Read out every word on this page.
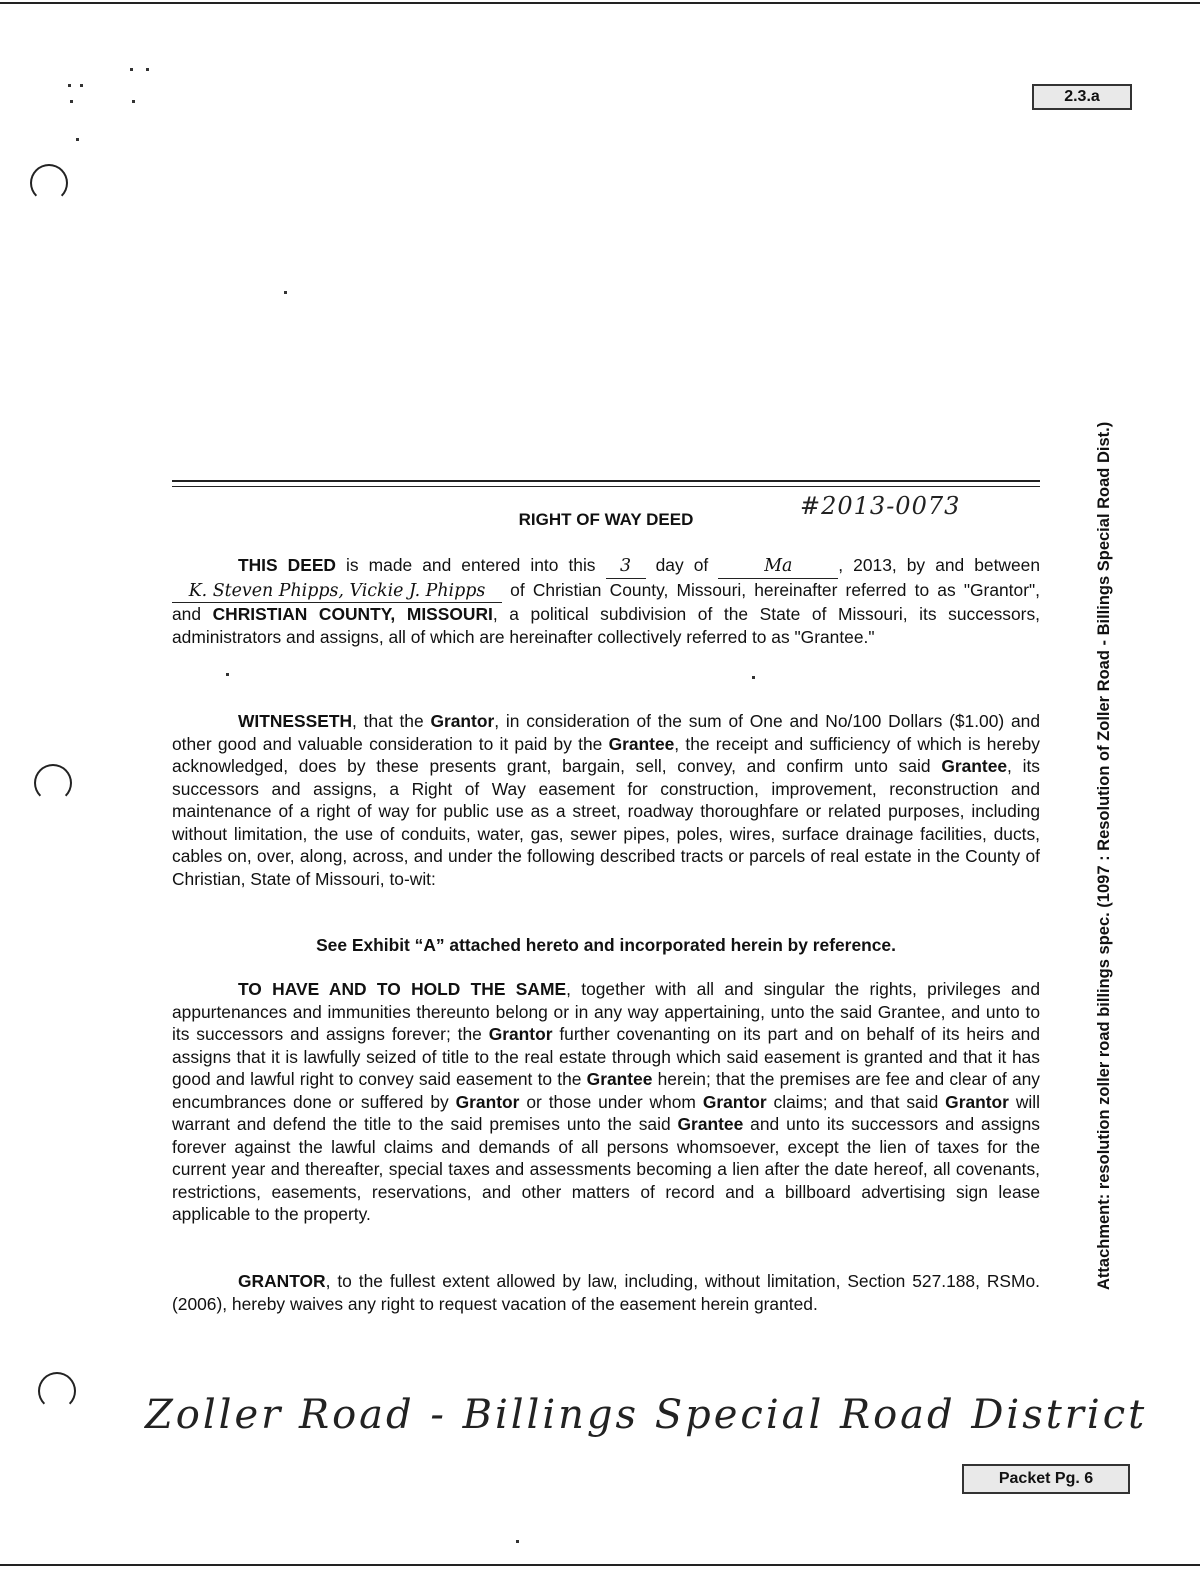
2.3.a
RIGHT OF WAY DEED	#2013-0073
THIS DEED is made and entered into this 3 day of	Ma	, 2013, by and between K. Steven Phipps, Vickie J. Phipps of Christian County, Missouri, hereinafter referred to as "Grantor", and CHRISTIAN COUNTY, MISSOURI, a political subdivision of the State of Missouri, its successors, administrators and assigns, all of which are hereinafter collectively referred to as "Grantee."
WITNESSETH, that the Grantor, in consideration of the sum of One and No/100 Dollars ($1.00) and other good and valuable consideration to it paid by the Grantee, the receipt and sufficiency of which is hereby acknowledged, does by these presents grant, bargain, sell, convey, and confirm unto said Grantee, its successors and assigns, a Right of Way easement for construction, improvement, reconstruction and maintenance of a right of way for public use as a street, roadway thoroughfare or related purposes, including without limitation, the use of conduits, water, gas, sewer pipes, poles, wires, surface drainage facilities, ducts, cables on, over, along, across, and under the following described tracts or parcels of real estate in the County of Christian, State of Missouri, to-wit:
See Exhibit “A” attached hereto and incorporated herein by reference.
TO HAVE AND TO HOLD THE SAME, together with all and singular the rights, privileges and appurtenances and immunities thereunto belong or in any way appertaining, unto the said Grantee, and unto to its successors and assigns forever; the Grantor further covenanting on its part and on behalf of its heirs and assigns that it is lawfully seized of title to the real estate through which said easement is granted and that it has good and lawful right to convey said easement to the Grantee herein; that the premises are fee and clear of any encumbrances done or suffered by Grantor or those under whom Grantor claims; and that said Grantor will warrant and defend the title to the said premises unto the said Grantee and unto its successors and assigns forever against the lawful claims and demands of all persons whomsoever, except the lien of taxes for the current year and thereafter, special taxes and assessments becoming a lien after the date hereof, all covenants, restrictions, easements, reservations, and other matters of record and a billboard advertising sign lease applicable to the property.
GRANTOR, to the fullest extent allowed by law, including, without limitation, Section 527.188, RSMo. (2006), hereby waives any right to request vacation of the easement herein granted.
Attachment: resolution zoller road billings spec. (1097 : Resolution of Zoller Road - Billings Special Road Dist.)
Zoller Road - Billings Special Road District
Packet Pg. 6
